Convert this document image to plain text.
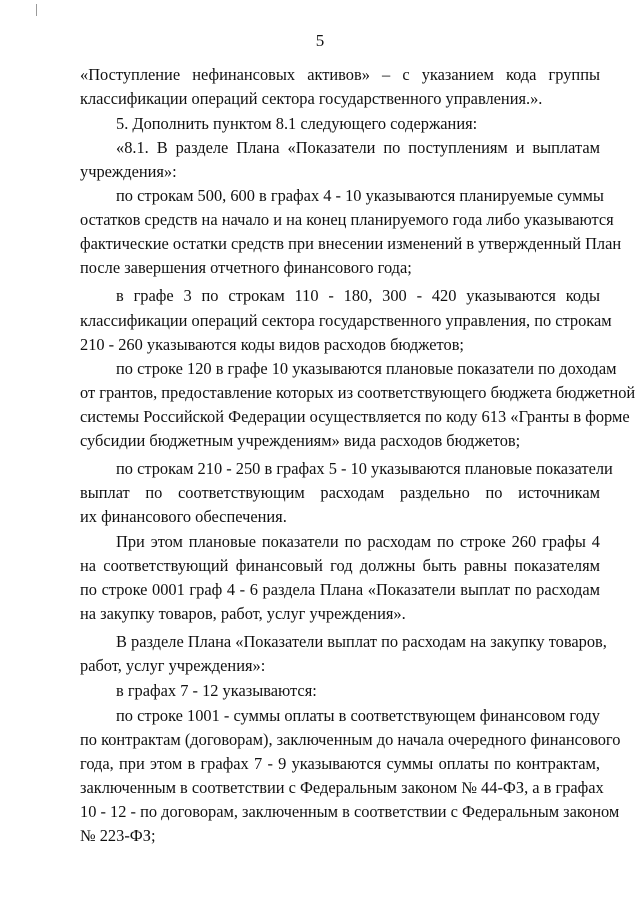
5
«Поступление нефинансовых активов» – с указанием кода группы
классификации операций сектора государственного управления.».
5. Дополнить пунктом 8.1 следующего содержания:
«8.1. В разделе Плана «Показатели по поступлениям и выплатам
учреждения»:
по строкам 500, 600 в графах 4 - 10 указываются планируемые суммы
остатков средств на начало и на конец планируемого года либо указываются
фактические остатки средств при внесении изменений в утвержденный План
после завершения отчетного финансового года;
в графе 3 по строкам 110 - 180, 300 - 420 указываются коды
классификации операций сектора государственного управления, по строкам
210 - 260 указываются коды видов расходов бюджетов;
по строке 120 в графе 10 указываются плановые показатели по доходам
от грантов, предоставление которых из соответствующего бюджета бюджетной
системы Российской Федерации осуществляется по коду 613 «Гранты в форме
субсидии бюджетным учреждениям» вида расходов бюджетов;
по строкам 210 - 250 в графах 5 - 10 указываются плановые показатели
выплат по соответствующим расходам раздельно по источникам
их финансового обеспечения.
При этом плановые показатели по расходам по строке 260 графы 4
на соответствующий финансовый год должны быть равны показателям
по строке 0001 граф 4 - 6 раздела Плана «Показатели выплат по расходам
на закупку товаров, работ, услуг учреждения».
В разделе Плана «Показатели выплат по расходам на закупку товаров,
работ, услуг учреждения»:
в графах 7 - 12 указываются:
по строке 1001 - суммы оплаты в соответствующем финансовом году
по контрактам (договорам), заключенным до начала очередного финансового
года, при этом в графах 7 - 9 указываются суммы оплаты по контрактам,
заключенным в соответствии с Федеральным законом № 44-ФЗ, а в графах
10 - 12 - по договорам, заключенным в соответствии с Федеральным законом
№ 223-ФЗ;
